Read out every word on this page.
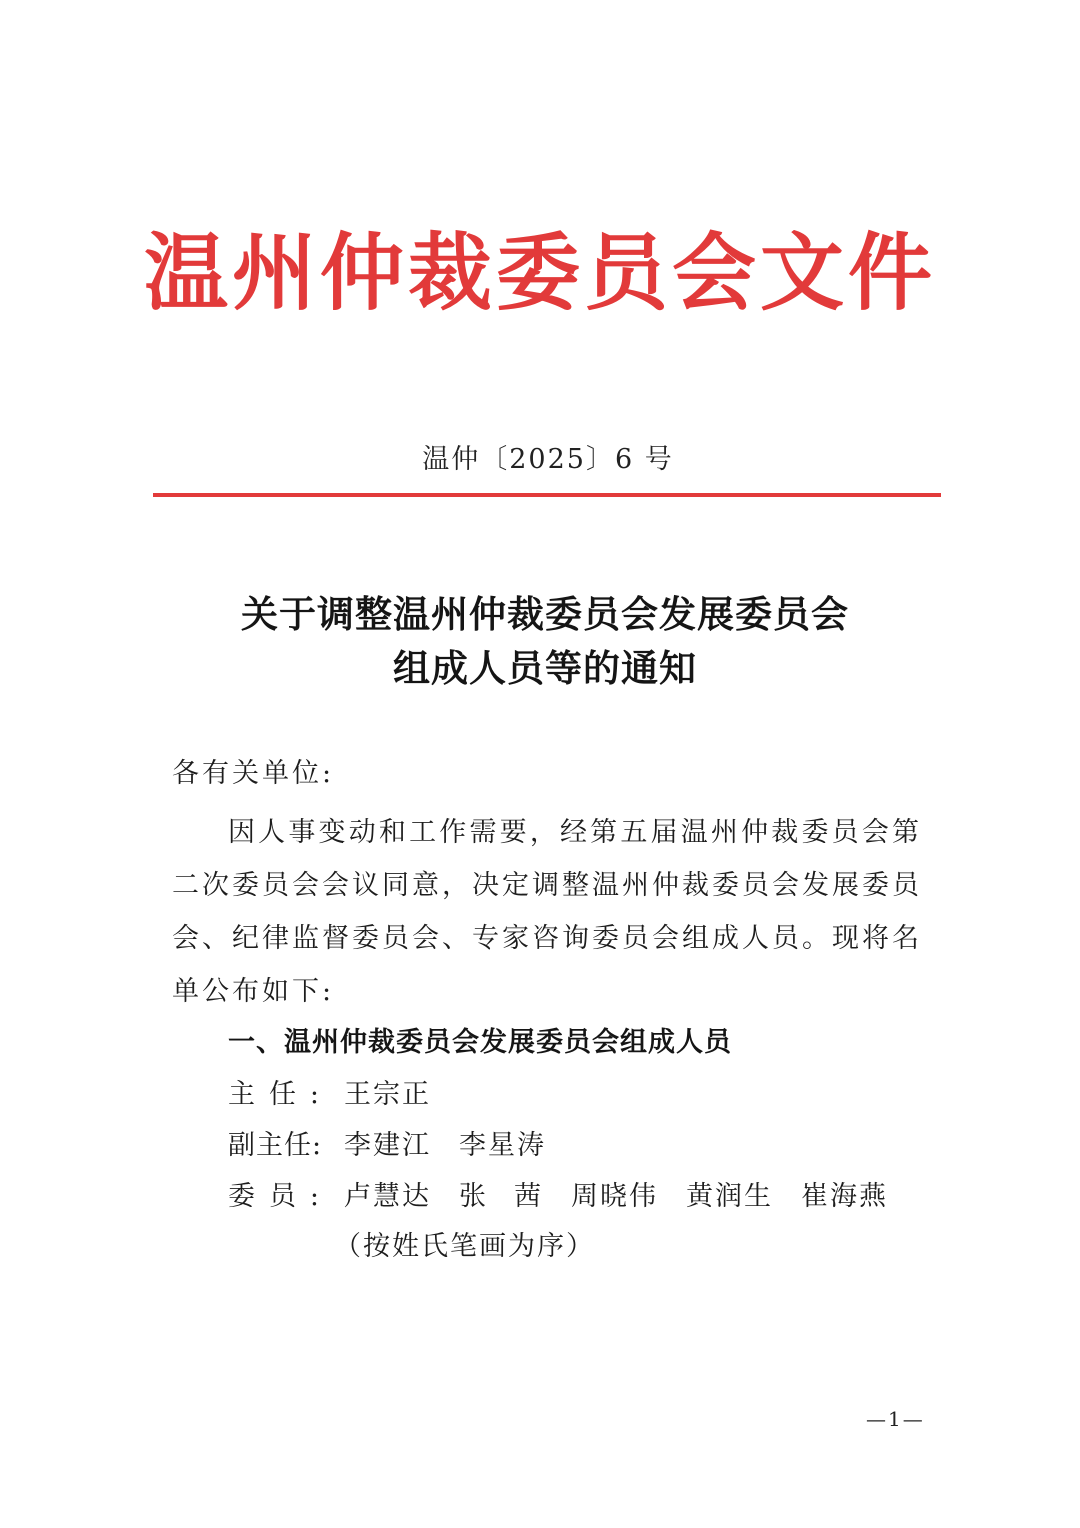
温州仲裁委员会文件
温仲〔2025〕6 号
关于调整温州仲裁委员会发展委员会
组成人员等的通知
各有关单位:
因人事变动和工作需要，经第五届温州仲裁委员会第二次委员会会议同意，决定调整温州仲裁委员会发展委员会、纪律监督委员会、专家咨询委员会组成人员。现将名单公布如下:
一、温州仲裁委员会发展委员会组成人员
主任: 王宗正
副主任: 李建江 李星涛
委员: 卢慧达 张茜周晓伟 黄润生 崔海燕
（按姓氏笔画为序）
—1—
